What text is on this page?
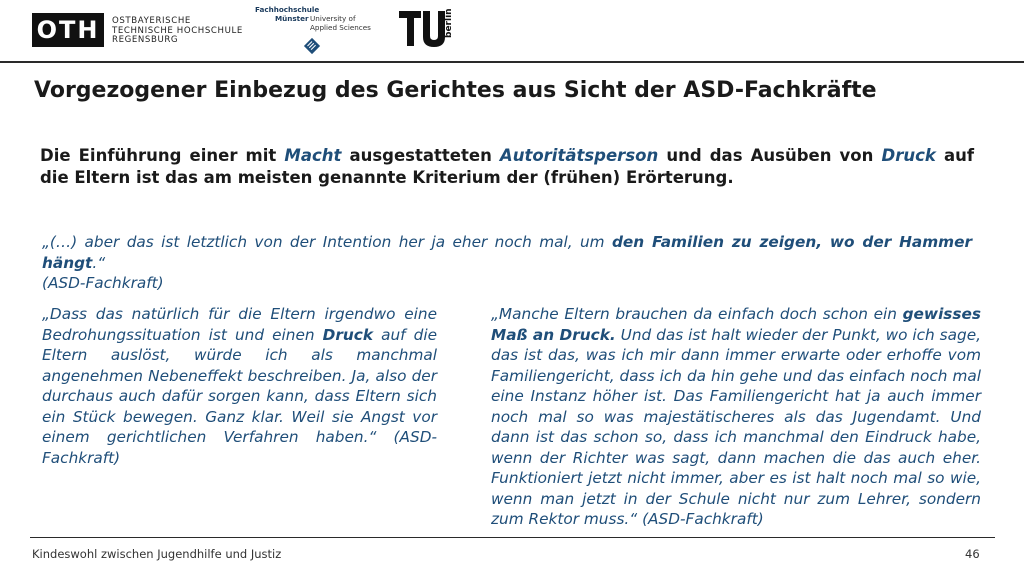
OTH OSTBAYERISCHE
TECHNISCHE HOCHSCHULE
REGENSBURG
Fachhochschule
Münster University of
Applied Sciences	berlin
Vorgezogener Einbezug des Gerichtes aus Sicht der ASD-Fachkräfte
Die Einführung einer mit Macht ausgestatteten Autoritätsperson und das Ausüben von Druck auf die Eltern ist das am meisten genannte Kriterium der (frühen) Erörterung.
„(…) aber das ist letztlich von der Intention her ja eher noch mal, um den Familien zu zeigen, wo der Hammer hängt.“
(ASD-Fachkraft)
„Dass das natürlich für die Eltern irgendwo eine Bedrohungssituation ist und einen Druck auf die Eltern auslöst, würde ich als manchmal angenehmen Nebeneffekt beschreiben. Ja, also der durchaus auch dafür sorgen kann, dass Eltern sich ein Stück bewegen. Ganz klar. Weil sie Angst vor einem gerichtlichen Verfahren haben.“ (ASD-Fachkraft)
„Manche Eltern brauchen da einfach doch schon ein gewisses Maß an Druck. Und das ist halt wieder der Punkt, wo ich sage, das ist das, was ich mir dann immer erwarte oder erhoffe vom Familiengericht, dass ich da hin gehe und das einfach noch mal eine Instanz höher ist. Das Familiengericht hat ja auch immer noch mal so was majestätischeres als das Jugendamt. Und dann ist das schon so, dass ich manchmal den Eindruck habe, wenn der Richter was sagt, dann machen die das auch eher. Funktioniert jetzt nicht immer, aber es ist halt noch mal so wie, wenn man jetzt in der Schule nicht nur zum Lehrer, sondern zum Rektor muss.“ (ASD-Fachkraft)
Kindeswohl zwischen Jugendhilfe und Justiz	46
